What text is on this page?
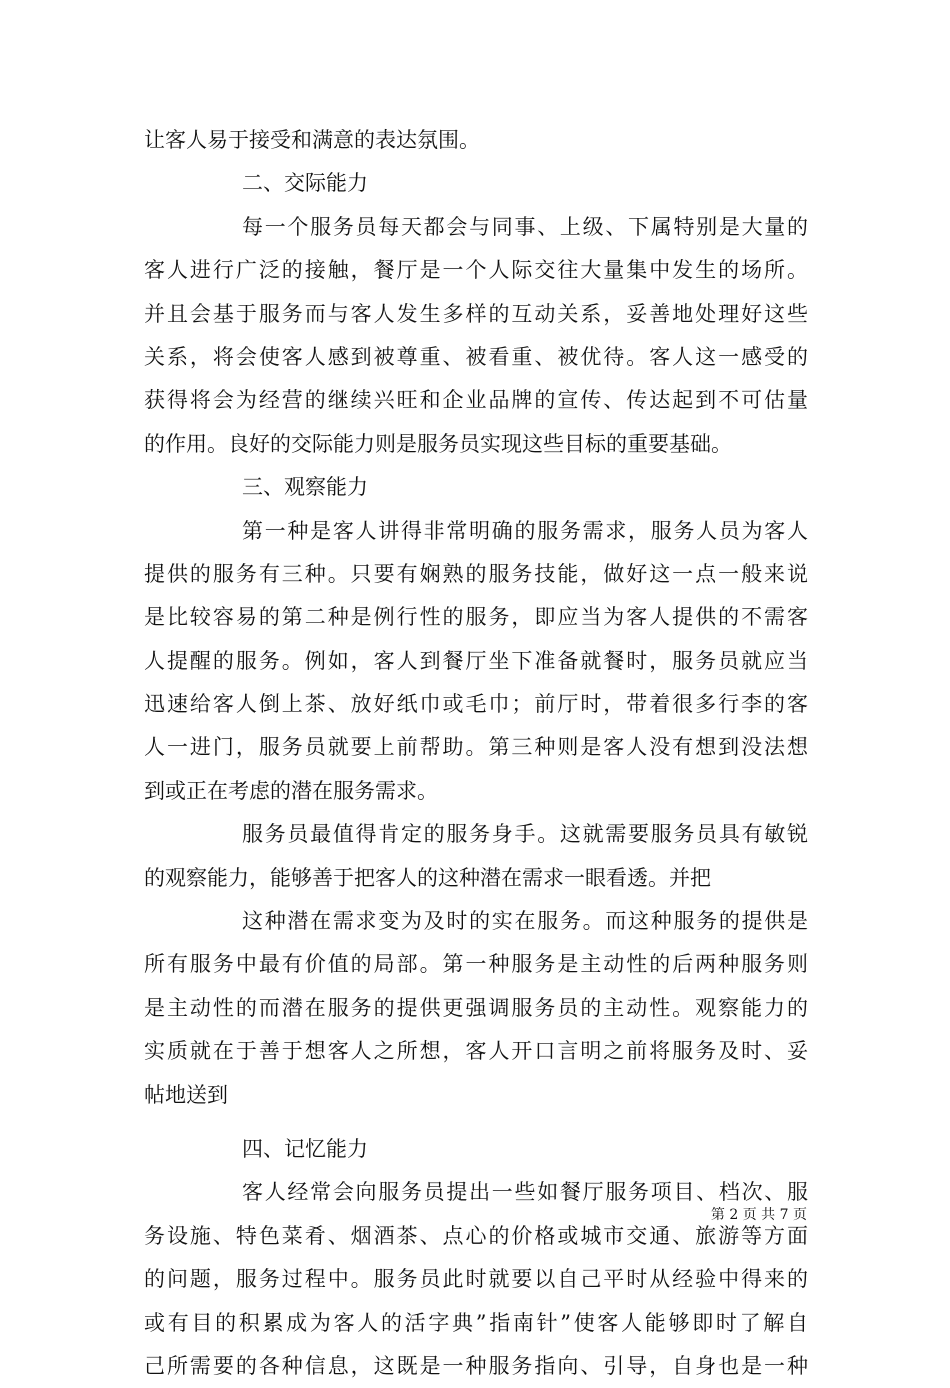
让客人易于接受和满意的表达氛围。
二、交际能力
每一个服务员每天都会与同事、上级、下属特别是大量的
客人进行广泛的接触，餐厅是一个人际交往大量集中发生的场所。
并且会基于服务而与客人发生多样的互动关系，妥善地处理好这些
关系，将会使客人感到被尊重、被看重、被优待。客人这一感受的
获得将会为经营的继续兴旺和企业品牌的宣传、传达起到不可估量
的作用。良好的交际能力则是服务员实现这些目标的重要基础。
三、观察能力
第一种是客人讲得非常明确的服务需求，服务人员为客人
提供的服务有三种。只要有娴熟的服务技能，做好这一点一般来说
是比较容易的第二种是例行性的服务，即应当为客人提供的不需客
人提醒的服务。例如，客人到餐厅坐下准备就餐时，服务员就应当
迅速给客人倒上茶、放好纸巾或毛巾；前厅时，带着很多行李的客
人一进门，服务员就要上前帮助。第三种则是客人没有想到没法想
到或正在考虑的潜在服务需求。
服务员最值得肯定的服务身手。这就需要服务员具有敏锐
的观察能力，能够善于把客人的这种潜在需求一眼看透。并把
这种潜在需求变为及时的实在服务。而这种服务的提供是
所有服务中最有价值的局部。第一种服务是主动性的后两种服务则
是主动性的而潜在服务的提供更强调服务员的主动性。观察能力的
实质就在于善于想客人之所想，客人开口言明之前将服务及时、妥
帖地送到
四、记忆能力
客人经常会向服务员提出一些如餐厅服务项目、档次、服
务设施、特色菜肴、烟酒茶、点心的价格或城市交通、旅游等方面
的问题，服务过程中。服务员此时就要以自己平时从经验中得来的
或有目的积累成为客人的活字典”指南针”使客人能够即时了解自
己所需要的各种信息，这既是一种服务指向、引导，自身也是一种
第 2 页 共 7 页
